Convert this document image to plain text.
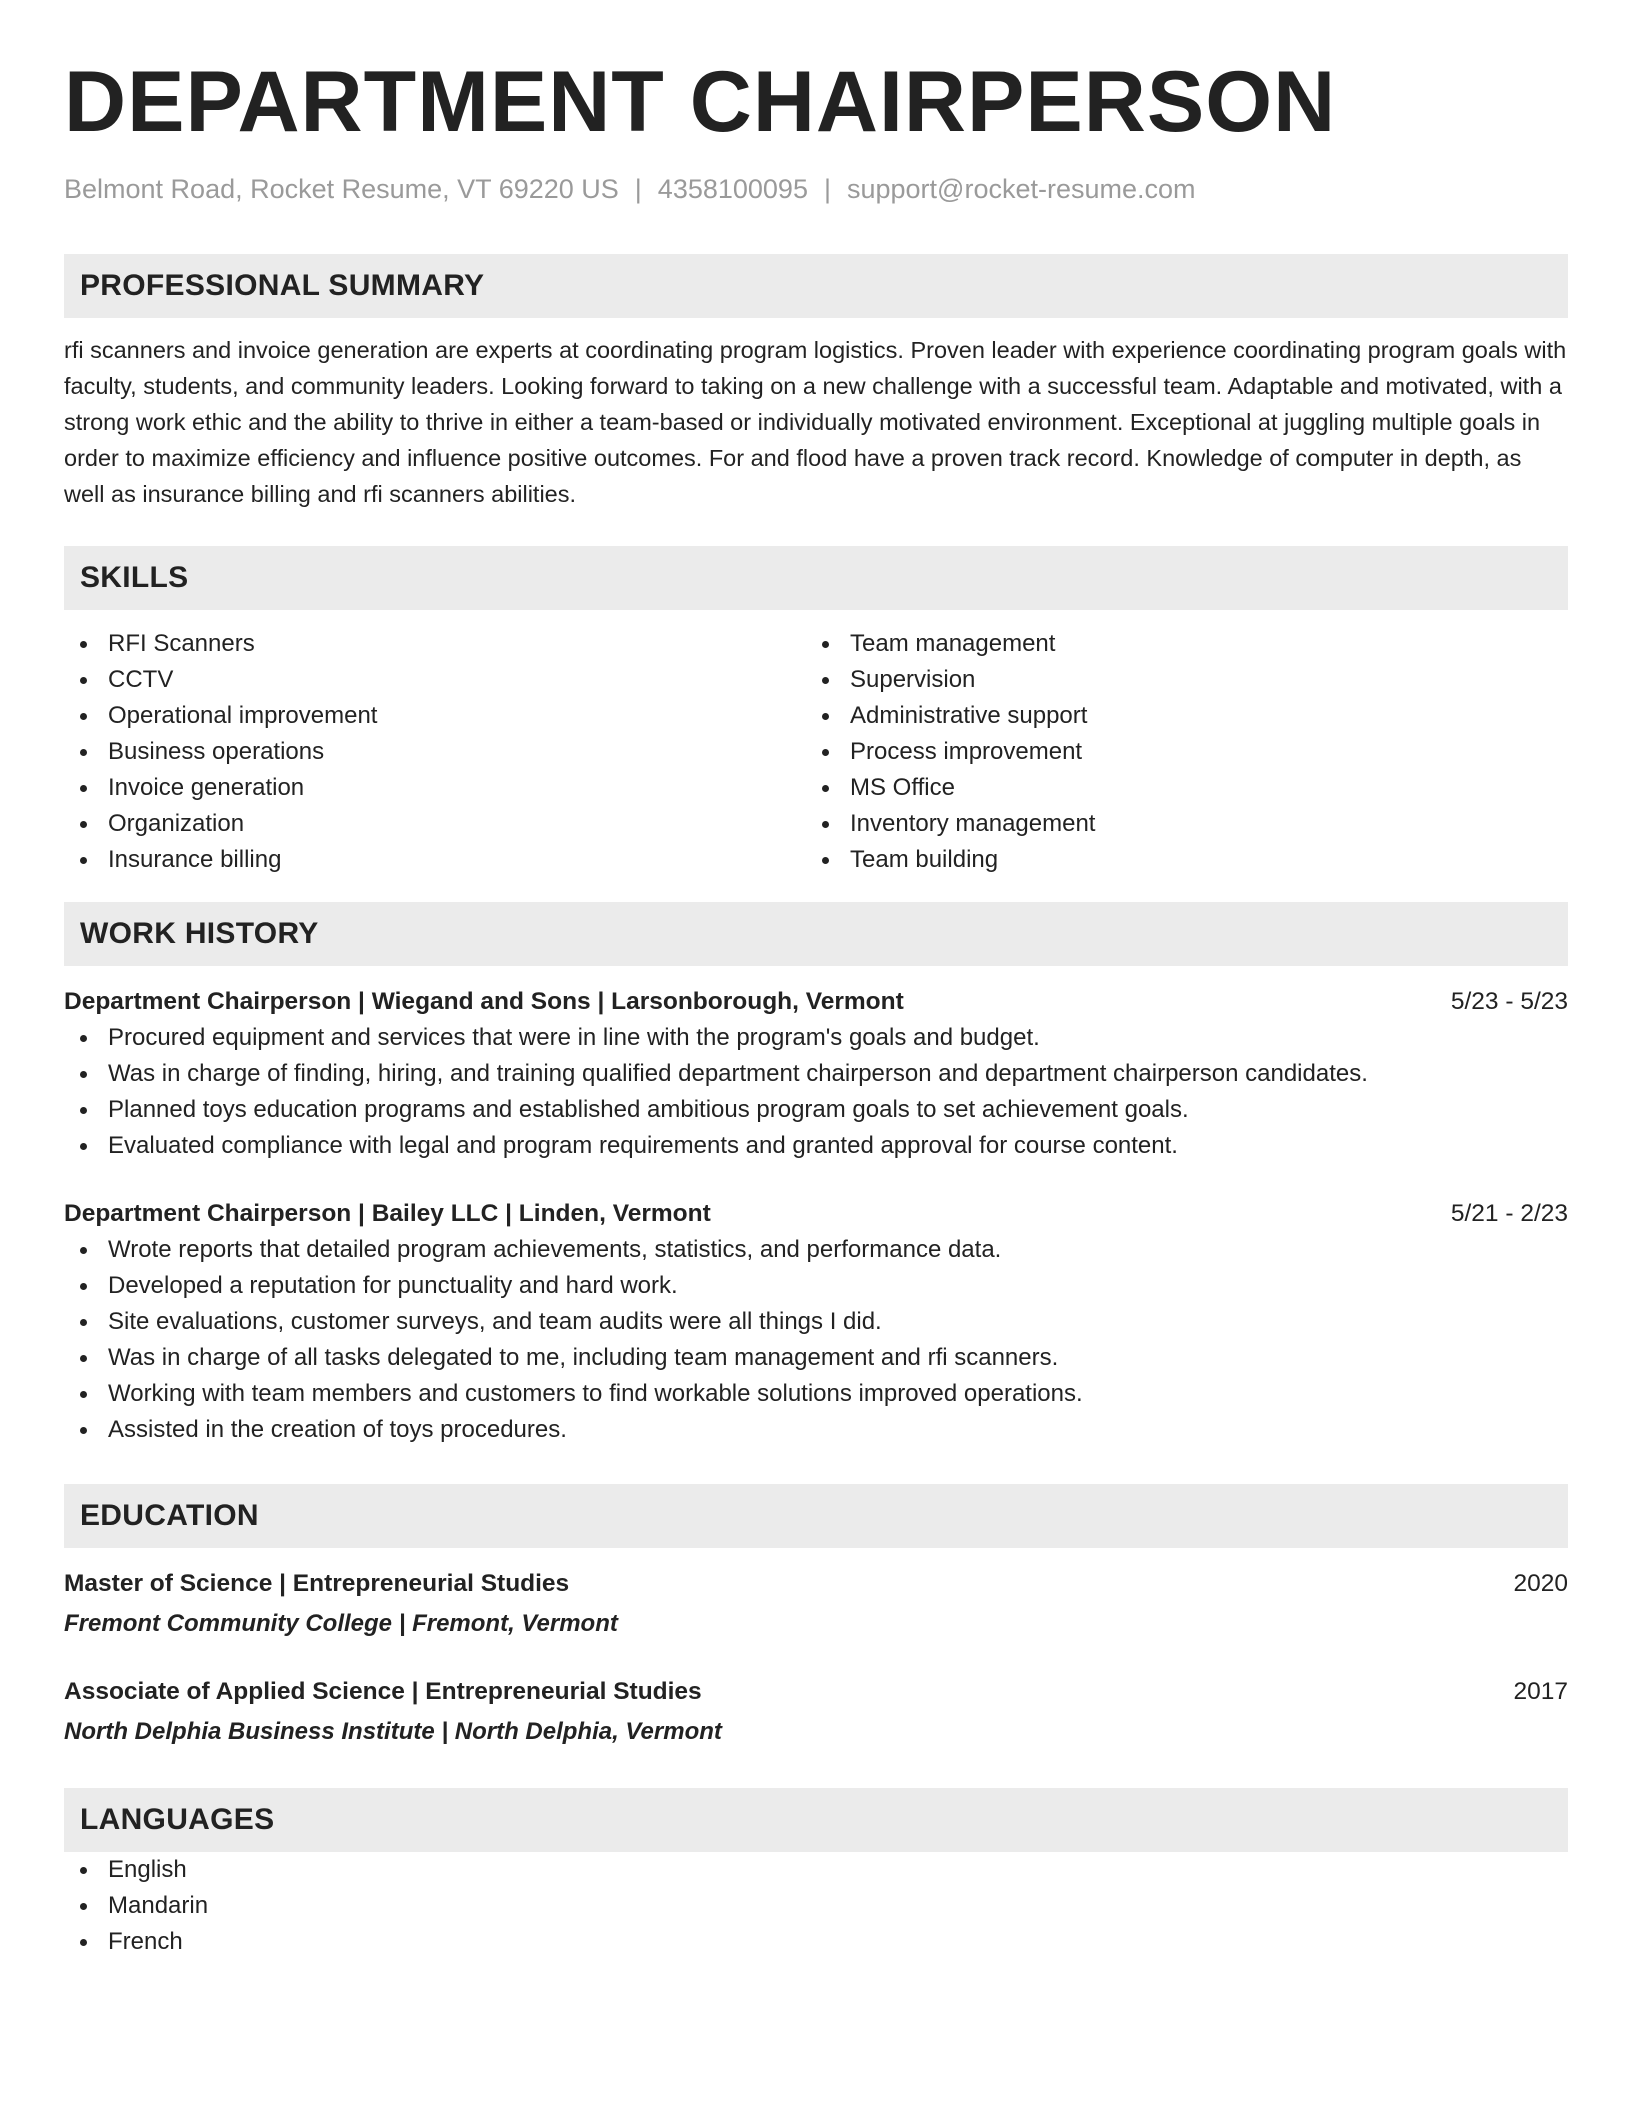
DEPARTMENT CHAIRPERSON
Belmont Road, Rocket Resume, VT 69220 US | 4358100095 | support@rocket-resume.com
PROFESSIONAL SUMMARY
rfi scanners and invoice generation are experts at coordinating program logistics. Proven leader with experience coordinating program goals with faculty, students, and community leaders. Looking forward to taking on a new challenge with a successful team. Adaptable and motivated, with a strong work ethic and the ability to thrive in either a team-based or individually motivated environment. Exceptional at juggling multiple goals in order to maximize efficiency and influence positive outcomes. For and flood have a proven track record. Knowledge of computer in depth, as well as insurance billing and rfi scanners abilities.
SKILLS
RFI Scanners
CCTV
Operational improvement
Business operations
Invoice generation
Organization
Insurance billing
Team management
Supervision
Administrative support
Process improvement
MS Office
Inventory management
Team building
WORK HISTORY
Department Chairperson | Wiegand and Sons | Larsonborough, Vermont	5/23 - 5/23
Procured equipment and services that were in line with the program's goals and budget.
Was in charge of finding, hiring, and training qualified department chairperson and department chairperson candidates.
Planned toys education programs and established ambitious program goals to set achievement goals.
Evaluated compliance with legal and program requirements and granted approval for course content.
Department Chairperson | Bailey LLC | Linden, Vermont	5/21 - 2/23
Wrote reports that detailed program achievements, statistics, and performance data.
Developed a reputation for punctuality and hard work.
Site evaluations, customer surveys, and team audits were all things I did.
Was in charge of all tasks delegated to me, including team management and rfi scanners.
Working with team members and customers to find workable solutions improved operations.
Assisted in the creation of toys procedures.
EDUCATION
Master of Science | Entrepreneurial Studies	2020
Fremont Community College | Fremont, Vermont
Associate of Applied Science | Entrepreneurial Studies	2017
North Delphia Business Institute | North Delphia, Vermont
LANGUAGES
English
Mandarin
French
